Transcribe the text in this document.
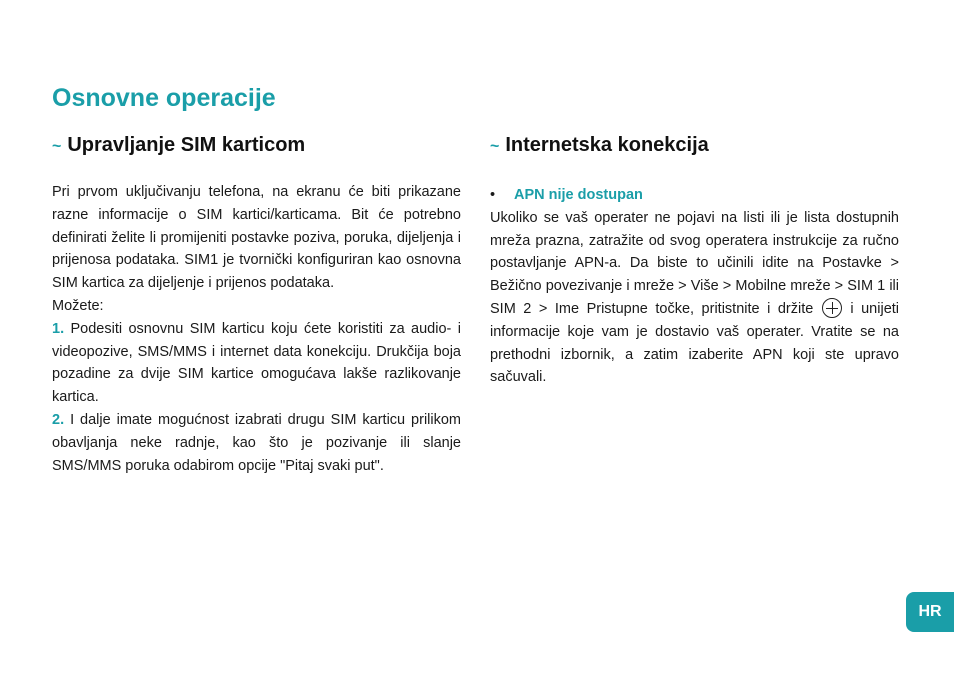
Osnovne operacije
~ Upravljanje SIM karticom

Pri prvom uključivanju telefona, na ekranu će biti prikazane razne informacije o SIM kartici/karticama. Bit će potrebno definirati želite li promijeniti postavke poziva, poruka, dijeljenja i prijenosa podataka. SIM1 je tvornički konfiguriran kao osnovna SIM kartica za dijeljenje i prijenos podataka.

Možete:

1. Podesiti osnovnu SIM karticu koju ćete koristiti za audio- i videopozive, SMS/MMS i internet data konekciju. Drukčija boja pozadine za dvije SIM kartice omogućava lakše razlikovanje kartica.

2. I dalje imate mogućnost izabrati drugu SIM karticu prilikom obavljanja neke radnje, kao što je pozivanje ili slanje SMS/MMS poruka odabirom opcije "Pitaj svaki put".

~ Internetska konekcija

• APN nije dostupan

Ukoliko se vaš operater ne pojavi na listi ili je lista dostupnih mreža prazna, zatražite od svog operatera instrukcije za ručno postavljanje APN-a. Da biste to učinili idite na Postavke > Bežično povezivanje i mreže > Više > Mobilne mreže > SIM 1 ili SIM 2 > Ime Pristupne točke, pritistnite i držite	i unijeti informacije koje vam je dostavio vaš operater. Vratite se na prethodni izbornik, a zatim izaberite APN koji ste upravo sačuvali.

HR
